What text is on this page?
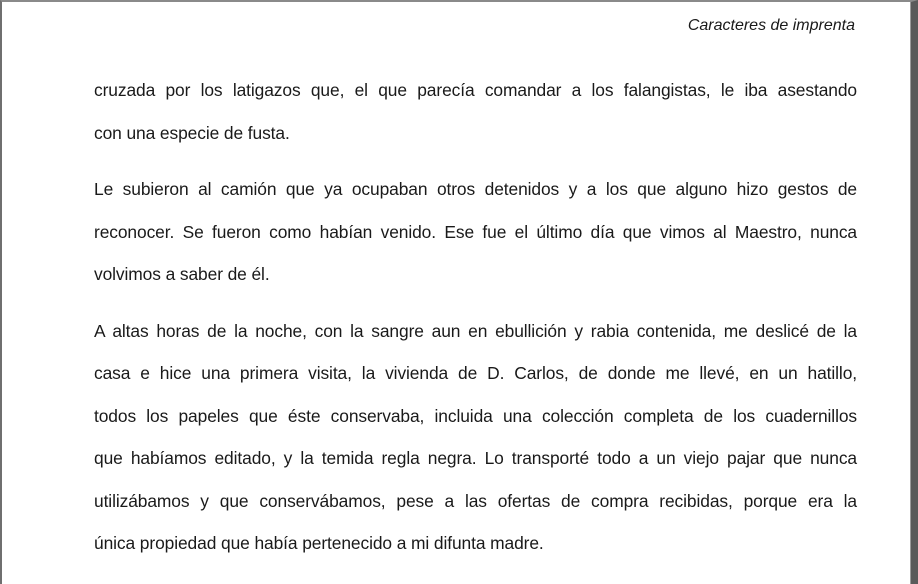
Caracteres de imprenta
cruzada por los latigazos que, el que parecía comandar a los falangistas, le iba asestando
con una especie de fusta.
Le subieron al camión que ya ocupaban otros detenidos y a los que alguno hizo gestos de
reconocer. Se fueron como habían venido. Ese fue el último día que vimos al Maestro, nunca
volvimos a saber de él.
A altas horas de la noche, con la sangre aun en ebullición y rabia contenida, me deslicé de la
casa e hice una primera visita, la vivienda de D. Carlos, de donde me llevé, en un hatillo,
todos los papeles que éste conservaba, incluida una colección completa de los cuadernillos
que habíamos editado, y la temida regla negra. Lo transporté todo a un viejo pajar que nunca
utilizábamos y que conservábamos, pese a las ofertas de compra recibidas, porque era la
única propiedad que había pertenecido a mi difunta madre.
